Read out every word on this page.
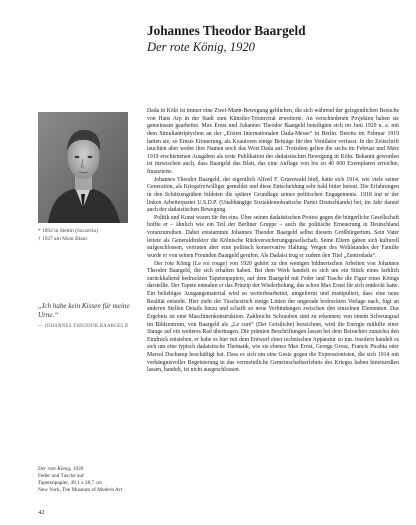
Johannes Theodor Baargeld
Der rote König, 1920
* 1892 in Stettin (Szczecin)
† 1927 am Mont Blanc
„Ich habe kein Kissen für meine Urne.“
— JOHANNES THEODOR BAARGELD

Dada in Köln ist immer eine Zwei-Mann-Bewegung geblieben, die sich während der gelegentlichen Besuche von Hans Arp in der Stadt zum Künstler-Triumvirat erweiterte. An verschiedenen Projekten haben sie gemeinsam gearbeitet. Max Ernst und Johannes Theodor Baargeld beteiligten sich im Juni 1920 u. a. mit dem Simultantriptychon an der „Ersten Internationalen Dada-Messe“ in Berlin. Bereits im Februar 1919 hatten sie, so Ernsts Erinnerung, als Koautoren einige Beiträge für den Ventilator verfasst. In der Zeitschrift tauchten aber weder ihre Namen noch das Wort Dada auf. Trotzdem gelten die sechs im Februar und März 1919 erschienenen Ausgaben als erste Publikation der dadaistischen Bewegung in Köln. Bekannt geworden ist inzwischen auch, dass Baargeld das Blatt, das eine Auflage von bis zu 40 000 Exemplaren erreichte, finanzierte.

Johannes Theodor Baargeld, der eigentlich Alfred F. Gruenwald hieß, hatte sich 1914, wie viele seiner Generation, als Kriegsfreiwilliger gemeldet und diese Entscheidung sehr bald bitter bereut. Die Erfahrungen in den Schützengräben bildeten die spätere Grundlage seines politischen Engagements. 1918 trat er der linken Arbeiterpartei U.S.D.P. (Unabhängige Sozialdemokratische Partei Deutschlands) bei, im Jahr darauf auch der dadaistischen Bewegung.

Politik und Kunst waren für ihn eins. Über seinen dadaistischen Protest gegen die bürgerliche Gesellschaft hoffte er – ähnlich wie ein Teil der Berliner Gruppe – auch die politische Erneuerung in Deutschland voranzutreiben. Dabei entstammte Johannes Theodor Baargeld selbst diesem Großbürgertum. Sein Vater leitete als Generaldirektor die Kölnische Rückversicherungsgesellschaft. Seine Eltern gaben sich kulturell aufgeschlossen, vertraten aber eine politisch konservative Haltung. Wegen des Wohlstandes der Familie wurde er von seinen Freunden Baargeld gerufen. Als Dadaist trug er zudem den Titel „Zentrodada“.

Der rote König (Le roi rouge) von 1920 gehört zu den wenigen bildnerischen Arbeiten von Johannes Theodor Baargeld, die sich erhalten haben. Bei dem Werk handelt es sich um ein Stück eines farblich zurückhaltend bedruckten Tapetenpapiers, auf dem Baargeld mit Feder und Tusche die Figur eines Königs darstellte. Der Tapete entnahm er das Prinzip der Wiederholung, das schon Max Ernst für sich entdeckt hatte. Ein beliebiges Ausgangsmaterial wird so weiterbearbeitet, umgeformt und manipuliert, dass eine neue Realität entsteht. Hier zieht der Tuschestrich einige Linien der ungerade bedruckten Vorlage nach, fügt an anderen Stellen Details hinzu und schafft so neue Verbindungen zwischen den einzelnen Elementen. Das Ergebnis ist eine Maschinenkonstruktion. Zahlreiche Schrauben sind zu erkennen; von einem Schwungrad im Bildzentrum, von Baargeld als „Le curé“ (Der Geistliche) bezeichnet, wird die Energie mithilfe einer Stange auf ein weiteres Rad übertragen. Die prämien Beschriftungen lassen bei dem Betrachter zunächst den Eindruck entstehen, er habe es hier mit dem Entwurf einer technischen Apparatur zu tun. Insofern handelt es sich um eine typisch dadaistische Thematik, wie sie ebenso Max Ernst, George Grosz, Francis Picabia oder Marcel Duchamp beschäftigt hat. Dass es sich um eine Geste gegen die Expressionisten, die sich 1914 mit verhängnisvoller Begeisterung in das vermeintliche Gemeinschaftserlebnis des Krieges haben hineinreißen lassen, handelt, ist nicht ausgeschlossen.

Der rote König, 1920
Feder und Tusche auf
Tapetenpapier, 49,1 x 38,7 cm
New York, The Museum of Modern Art
42
